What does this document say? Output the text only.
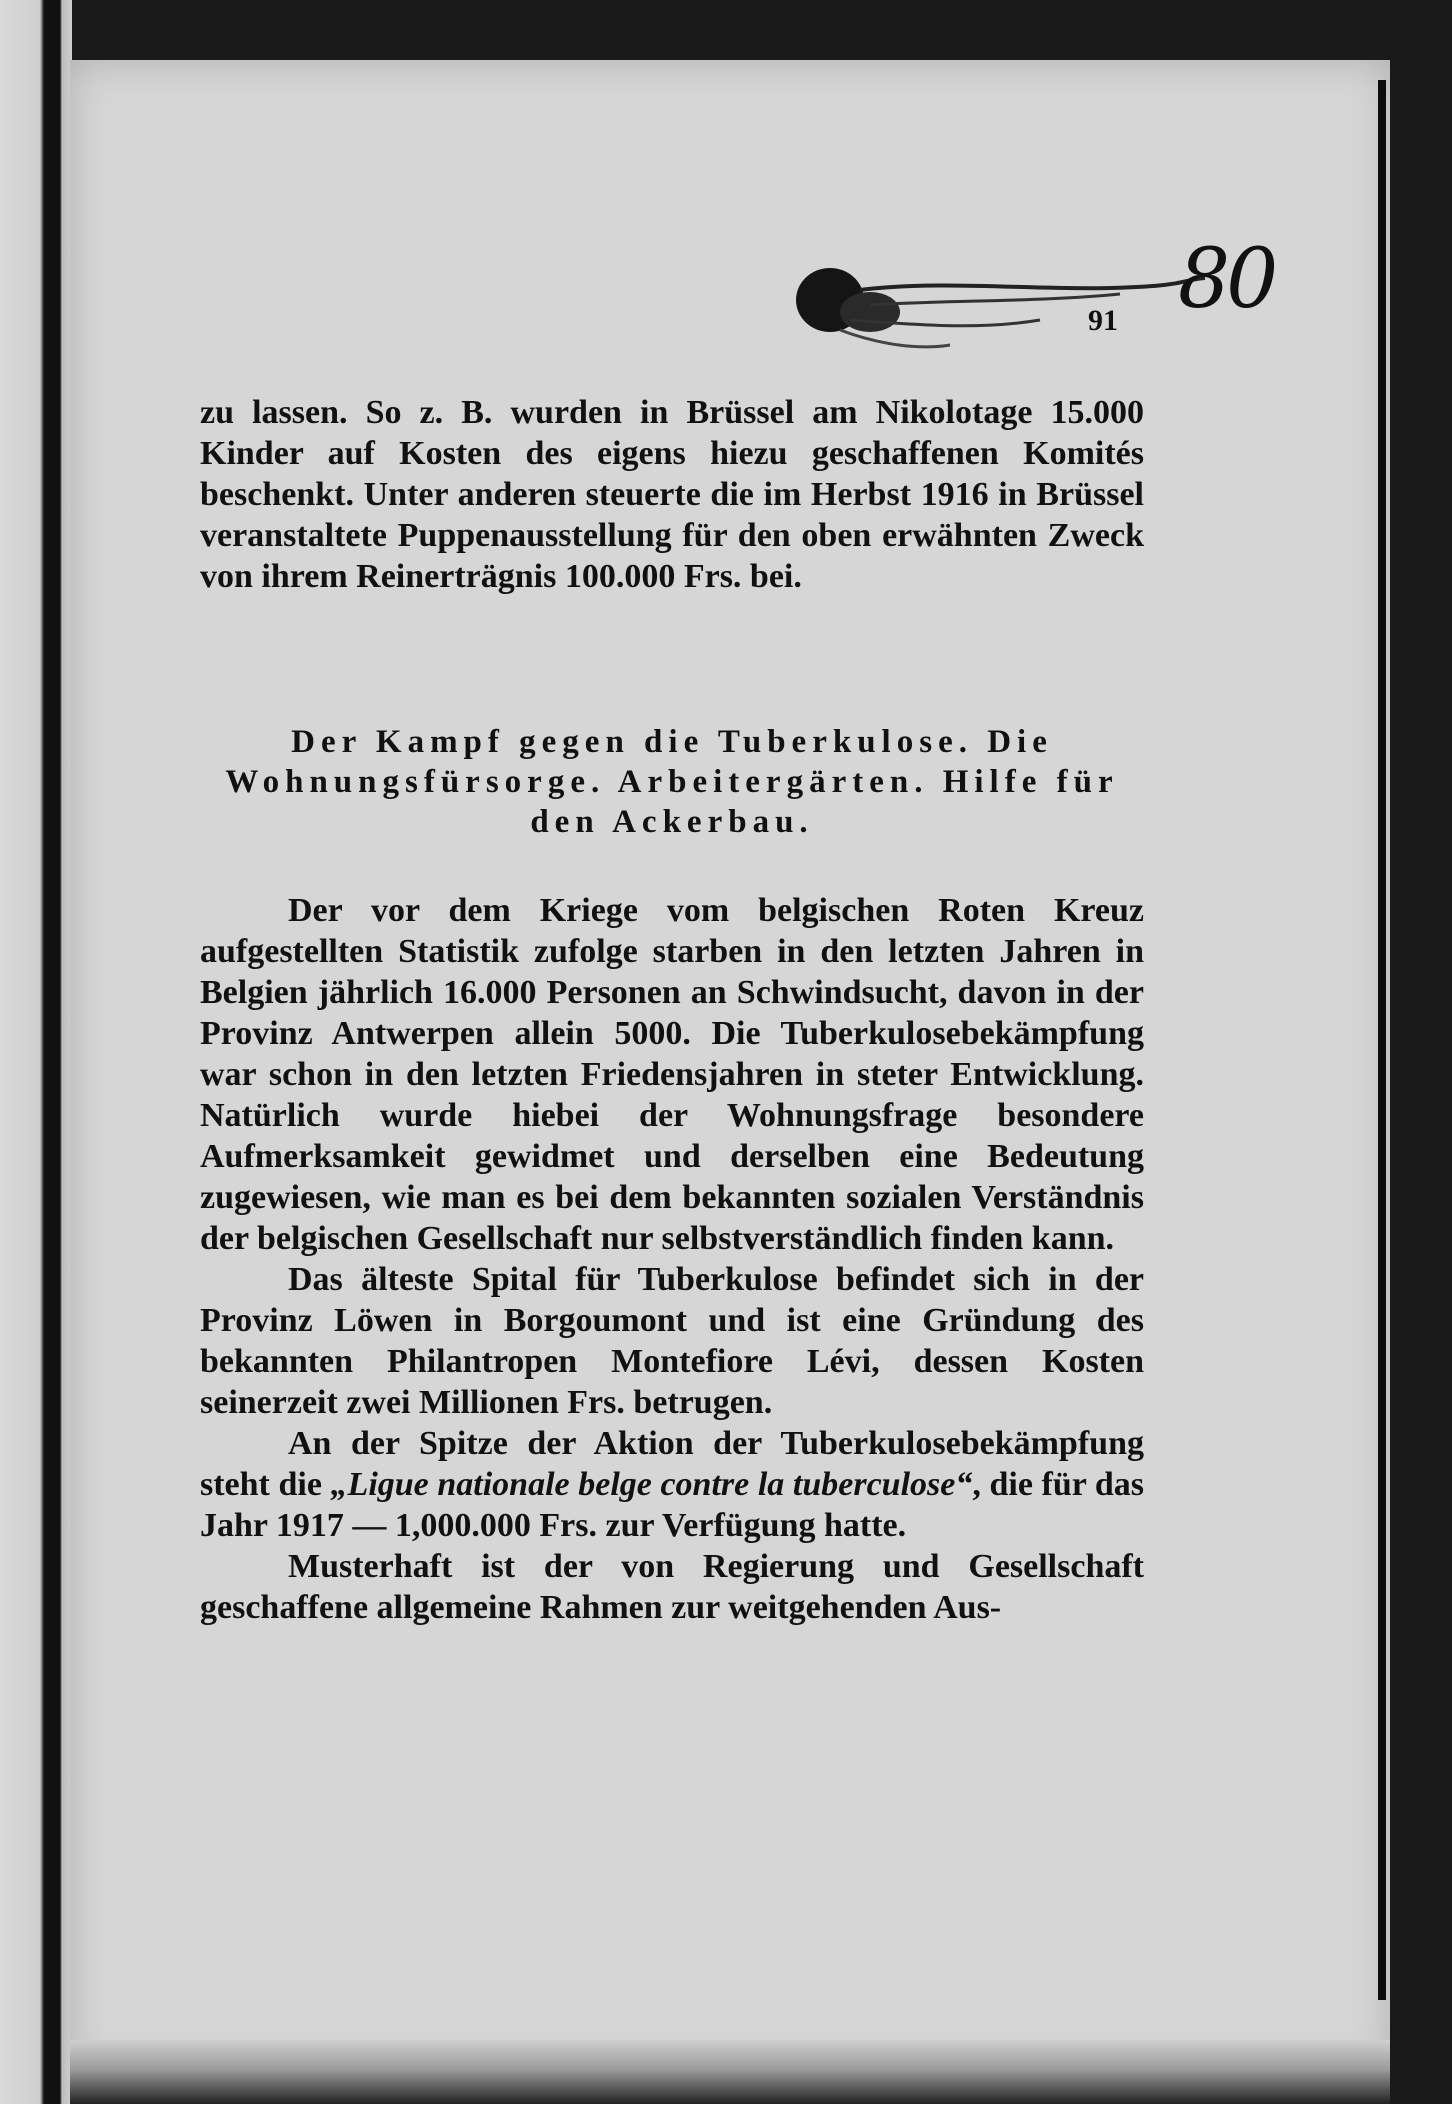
80
91

zu lassen. So z. B. wurden in Brüssel am Nikolotage 15.000 Kinder auf Kosten des eigens hiezu geschaffenen Komités beschenkt. Unter anderen steuerte die im Herbst 1916 in Brüssel veranstaltete Puppenausstellung für den oben erwähnten Zweck von ihrem Reinerträgnis 100.000 Frs. bei.

Der Kampf gegen die Tuberkulose. Die

Wohnungsfürsorge. Arbeitergärten. Hilfe für

den Ackerbau.

Der vor dem Kriege vom belgischen Roten Kreuz aufgestellten Statistik zufolge starben in den letzten Jahren in Belgien jährlich 16.000 Personen an Schwindsucht, davon in der Provinz Antwerpen allein 5000. Die Tuberkulosebekämpfung war schon in den letzten Friedensjahren in steter Entwicklung. Natürlich wurde hiebei der Wohnungsfrage besondere Aufmerksamkeit gewidmet und derselben eine Bedeutung zugewiesen, wie man es bei dem bekannten sozialen Verständnis der belgischen Gesellschaft nur selbstverständlich finden kann.

Das älteste Spital für Tuberkulose befindet sich in der Provinz Löwen in Borgoumont und ist eine Gründung des bekannten Philantropen Montefiore Lévi, dessen Kosten seinerzeit zwei Millionen Frs. betrugen.

An der Spitze der Aktion der Tuberkulosebekämpfung steht die „Ligue nationale belge contre la tuberculose“, die für das Jahr 1917 — 1,000.000 Frs. zur Verfügung hatte.

Musterhaft ist der von Regierung und Gesellschaft geschaffene allgemeine Rahmen zur weitgehenden Aus-
